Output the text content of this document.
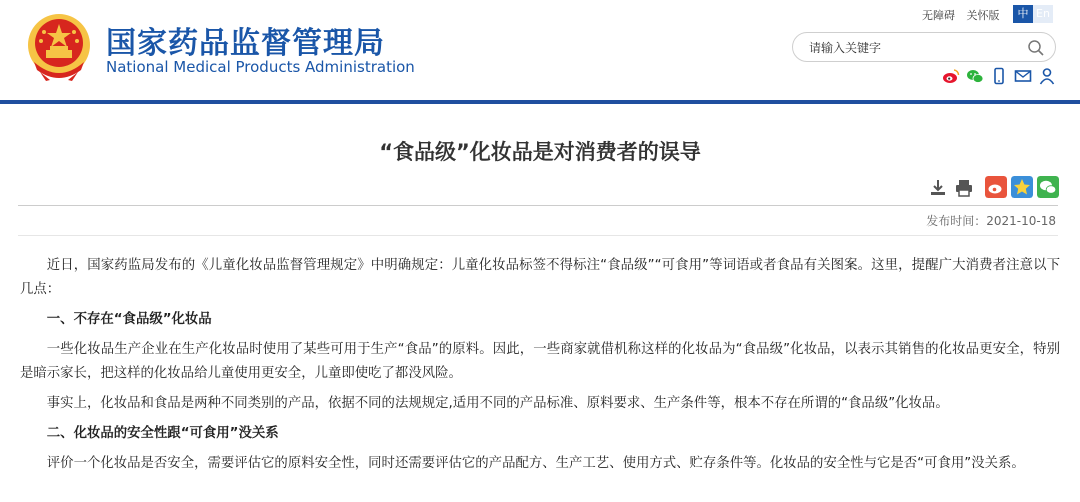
国家药品监督管理局
National Medical Products Administration
无障碍 关怀版	中 En
请输入关键字
“食品级”化妆品是对消费者的误导
发布时间：2021-10-18

近日，国家药监局发布的《儿童化妆品监督管理规定》中明确规定：儿童化妆品标签不得标注“食品级”“可食用”等词语或者食品有关图案。这里，提醒广大消费者注意以下几点：

一、不存在“食品级”化妆品

一些化妆品生产企业在生产化妆品时使用了某些可用于生产“食品”的原料。因此，一些商家就借机称这样的化妆品为“食品级”化妆品，以表示其销售的化妆品更安全，特别是暗示家长，把这样的化妆品给儿童使用更安全，儿童即使吃了都没风险。

事实上，化妆品和食品是两种不同类别的产品，依据不同的法规规定,适用不同的产品标准、原料要求、生产条件等，根本不存在所谓的“食品级”化妆品。

二、化妆品的安全性跟“可食用”没关系

评价一个化妆品是否安全，需要评估它的原料安全性，同时还需要评估它的产品配方、生产工艺、使用方式、贮存条件等。化妆品的安全性与它是否“可食用”没关系。
